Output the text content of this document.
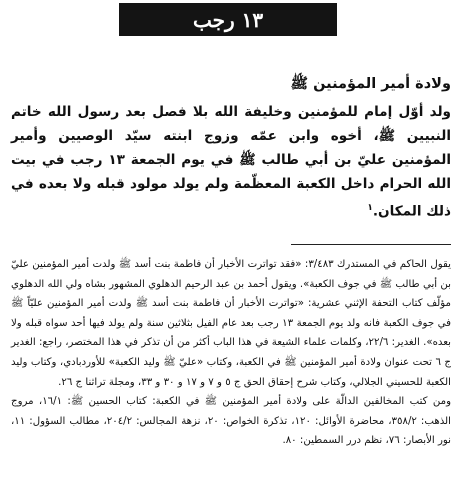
١٣ رجب
ولادة أمير المؤمنين ﷺ

ولد أوّل إمام للمؤمنين وخليفة الله بلا فصل بعد رسول الله خاتم النبيين ﷺ، أخوه وابن عمّه وزوج ابنته سيّد الوصيين وأمير المؤمنين عليّ بن أبي طالب ﷺ في يوم الجمعة ١٣ رجب في بيت الله الحرام داخل الكعبة المعظّمة ولم يولد مولود قبله ولا بعده في ذلك المكان.$^١$

يقول الحاكم في المستدرك ٣/٤٨٣: «فقد تواترت الأخبار أن فاطمة بنت أسد ﷺ ولدت أمير المؤمنين عليّ بن أبي طالب ﷺ في جوف الكعبة». ويقول أحمد بن عبد الرحيم الدهلوي المشهور بشاه ولي الله الدهلوي مؤلّف كتاب التحفة الإثني عشرية: «تواترت الأخبار أن فاطمة بنت أسد ﷺ ولدت أمير المؤمنين عليّاً ﷺ في جوف الكعبة فانه ولد يوم الجمعة ١٣ رجب بعد عام الفيل بثلاثين سنة ولم يولد فيها أحد سواه قبله ولا بعده». الغدير: ٢٢/٦، وكلمات علماء الشيعة في هذا الباب أكثر من أن تذكر في هذا المختصر، راجع: الغدير ج ٦ تحت عنوان ولادة أمير المؤمنين ﷺ في الكعبة، وكتاب «عليّ ﷺ وليد الكعبة» للأوردبادي، وكتاب وليد الكعبة للحسيني الجلالي، وكتاب شرح إحقاق الحق ج ٥ و ٧ و ١٧ و ٣٠ و ٣٣، ومجلة تراثنا ج ٢٦.

ومن كتب المخالفين الدالّة على ولادة أمير المؤمنين ﷺ في الكعبة: كتاب الحسين ﷺ: ١٦/١، مروج الذهب: ٣٥٨/٢، محاضرة الأوائل: ١٢٠، تذكرة الخواص: ٢٠، نزهة المجالس: ٢٠٤/٢، مطالب السؤول: ١١، نور الأبصار: ٧٦، نظم درر السمطين: ٨٠.
